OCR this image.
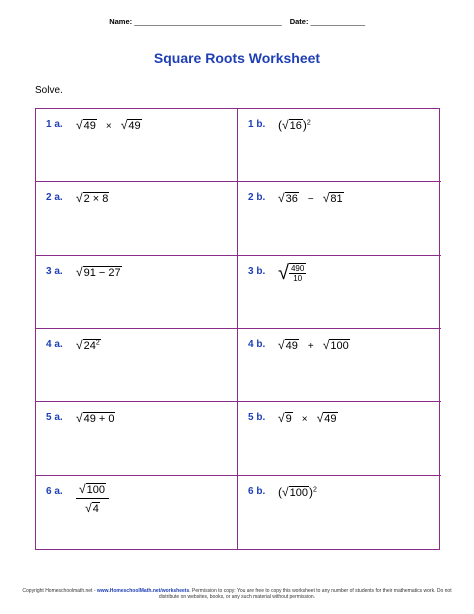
Name: ______________________________________ Date: ______________
Square Roots Worksheet
Solve.
1 a. √49 × √49	1 b. $(√16)^2$
2 a. √2 × 8	2 b. √36 − √81
3 a. √91 − 27	3 b. √ $\frac{490}{10}$
4 a. $√24^2$	4 b. √49 + √100
5 a. √49 + 0	5 b. √9 × √49
6 a. $\frac{√100}{√4}$	6 b. $(√100)^2$
Copyright Homeschoolmath.net - www.HomeschoolMath.net/worksheets. Permission to copy: You are free to copy this worksheet to any number of students for their mathematics work. Do not distribute on websites, books, or any such material without permission.
